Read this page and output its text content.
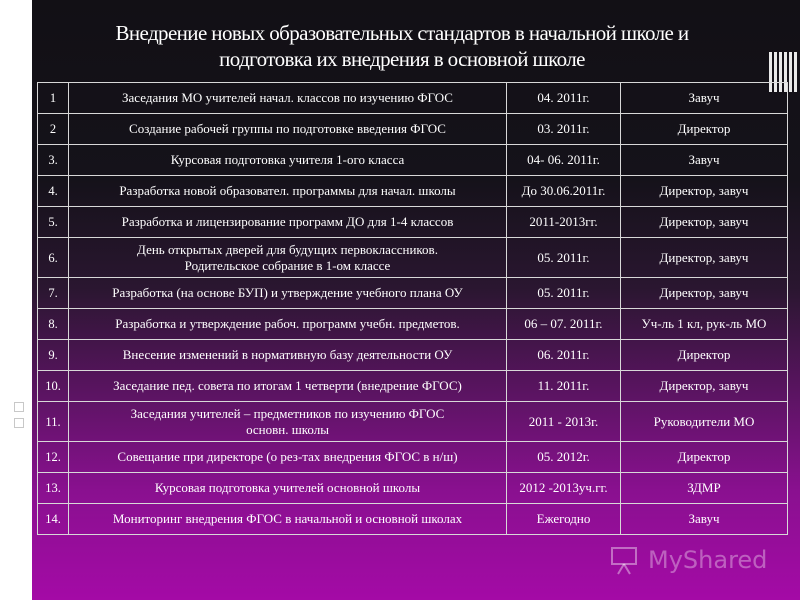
Внедрение новых образовательных стандартов в начальной школе и
подготовка их внедрения в основной школе
1	Заседания МО учителей начал. классов по изучению ФГОС	04. 2011г.	Завуч
2	Создание рабочей группы по подготовке введения ФГОС	03. 2011г.	Директор
3.	Курсовая подготовка учителя 1-ого класса	04- 06. 2011г.	Завуч
4.	Разработка новой образовател. программы для начал. школы	До 30.06.2011г.	Директор, завуч
5.	Разработка и лицензирование программ ДО для 1-4 классов	2011-2013гг.	Директор, завуч
6.	День открытых дверей для будущих первоклассников.
Родительское собрание в 1-ом классе	05. 2011г.	Директор, завуч
7.	Разработка (на основе БУП) и утверждение учебного плана ОУ	05. 2011г.	Директор, завуч
8.	Разработка и утверждение рабоч. программ учебн. предметов.	06 – 07. 2011г.	Уч-ль 1 кл, рук-ль МО
9.	Внесение изменений в нормативную базу деятельности ОУ	06. 2011г.	Директор
10.	Заседание пед. совета по итогам 1 четверти (внедрение ФГОС)	11. 2011г.	Директор, завуч
11.	Заседания учителей – предметников по изучению ФГОС
основн. школы	2011 - 2013г.	Руководители МО
12.	Совещание при директоре (о рез-тах внедрения ФГОС в н/ш)	05. 2012г.	Директор
13.	Курсовая подготовка учителей основной школы	2012 -2013уч.гг.	ЗДМР
14.	Мониторинг внедрения ФГОС в начальной и основной школах	Ежегодно	Завуч
MyShared
